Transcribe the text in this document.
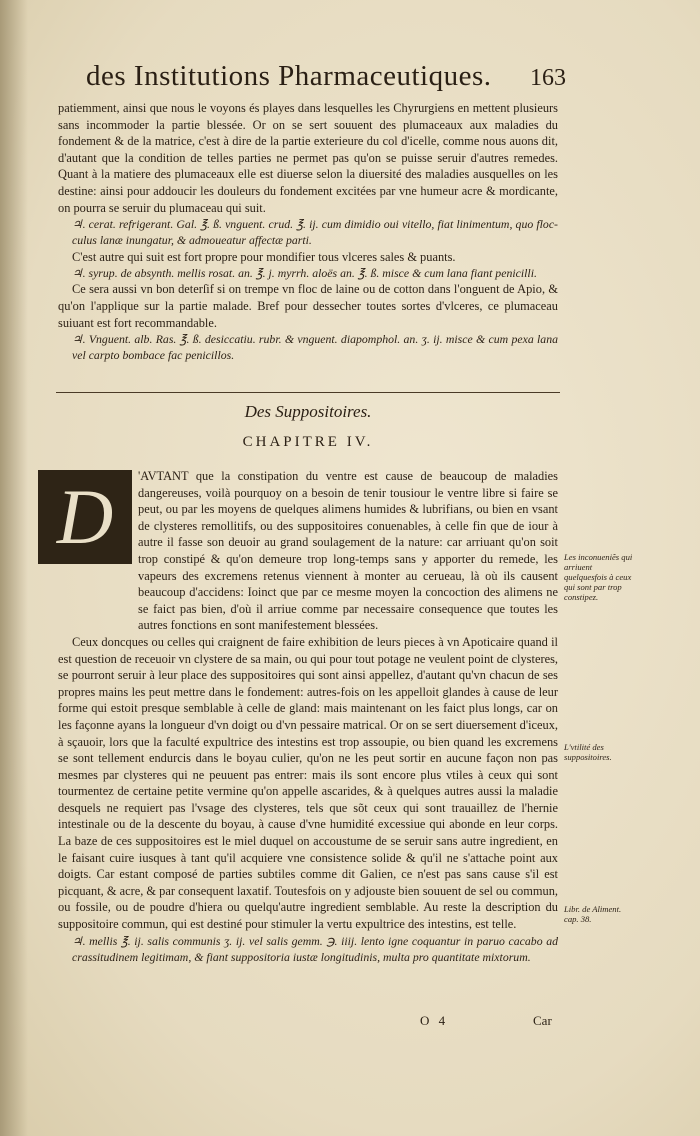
des Institutions Pharmaceutiques. 163

patiemment, ainsi que nous le voyons és playes dans lesquelles les Chyrurgiens en mettent plusieurs sans incommoder la partie blessée. Or on se sert souuent des plumaceaux aux maladies du fondement & de la matrice, c'est à dire de la partie exterieure du col d'icelle, comme nous auons dit, d'autant que la condition de telles parties ne permet pas qu'on se puisse seruir d'autres remedes. Quant à la matiere des plumaceaux elle est diuerse selon la diuersité des maladies ausquelles on les destine: ainsi pour addoucir les douleurs du fondement excitées par vne humeur acre & mordicante, on pourra se seruir du plumaceau qui suit.

♃. cerat. refrigerant. Gal. ℥. ß. vnguent. crud. ℥. ij. cum dimidio oui vitello, fiat linimentum, quo floc- culus lanæ inungatur, & admoueatur affectæ parti.

C'est autre qui suit est fort propre pour mondifier tous vlceres sales & puants.

♃. syrup. de absynth. mellis rosat. an. ℥. j. myrrh. aloës an. ℥. ß. misce & cum lana fiant penicilli.

Ce sera aussi vn bon deterſif si on trempe vn floc de laine ou de cotton dans l'onguent de Apio, & qu'on l'applique sur la partie malade. Bref pour dessecher toutes sortes d'vlceres, ce plumaceau suiuant est fort recommandable.

♃. Vnguent. alb. Ras. ℥. ß. desiccatiu. rubr. & vnguent. diapomphol. an. ʒ. ij. misce & cum pexa lana vel carpto bombace fac penicillos.

Des Suppositoires.
CHAPITRE IV.
D	'AVTANT que la constipation du ventre est cause de beaucoup de maladies dangereuses, voilà pourquoy on a besoin de tenir tousiour le ventre libre si faire se peut, ou par les moyens de quelques alimens humides & lubrifians, ou bien en vsant de clysteres remollitifs, ou des suppositoires conuenables, à celle fin que de iour à autre il fasse son deuoir au grand soulagement de la nature: car arriuant qu'on soit trop constipé & qu'on demeure trop long-temps sans y apporter du remede, les vapeurs des excremens retenus viennent à monter au cerueau, là où ils causent beaucoup d'accidens: Ioinct que par ce mesme moyen la concoction des alimens ne se faict pas bien, d'où il arriue comme par necessaire consequence que toutes les autres fonctions en sont manifestement blessées.

Ceux doncques ou celles qui craignent de faire exhibition de leurs pieces à vn Apoticaire quand il est question de receuoir vn clystere de sa main, ou qui pour tout potage ne veulent point de clysteres, se pourront seruir à leur place des suppositoires qui sont ainsi appellez, d'autant qu'vn chacun de ses propres mains les peut mettre dans le fondement: autres-fois on les appelloit glandes à cause de leur forme qui estoit presque semblable à celle de gland: mais maintenant on les faict plus longs, car on les façonne ayans la longueur d'vn doigt ou d'vn pessaire matrical. Or on se sert diuersement d'iceux, à sçauoir, lors que la faculté expultrice des intestins est trop assoupie, ou bien quand les excremens se sont tellement endurcis dans le boyau culier, qu'on ne les peut sortir en aucune façon non pas mesmes par clysteres qui ne peuuent pas entrer: mais ils sont encore plus vtiles à ceux qui sont tourmentez de certaine petite vermine qu'on appelle ascarides, & à quelques autres aussi la maladie desquels ne requiert pas l'vsage des clysteres, tels que sõt ceux qui sont trauaillez de l'hernie intestinale ou de la descente du boyau, à cause d'vne humidité excessiue qui abonde en leur corps. La baze de ces suppositoires est le miel duquel on accoustume de se seruir sans autre ingredient, en le faisant cuire iusques à tant qu'il acquiere vne consistence solide & qu'il ne s'attache point aux doigts. Car estant composé de parties subtiles comme dit Galien, ce n'est pas sans cause s'il est picquant, & acre, & par consequent laxatif. Toutesfois on y adjouste bien souuent de sel ou commun, ou fossile, ou de poudre d'hiera ou quelqu'autre ingredient semblable. Au reste la description du suppositoire commun, qui est destiné pour stimuler la vertu expultrice des intestins, est telle.

♃. mellis ℥. ij. salis communis ʒ. ij. vel salis gemm. ℈. iiij. lento igne coquantur in paruo cacabo ad crassitudinem legitimam, & fiant suppositoria iustæ longitudinis, multa pro quantitate mixtorum.

Les inconueniẽs qui arriuent quelquesfois à ceux qui sont par trop constipez.
L'vtilité des suppositoires.
Libr. de Aliment. cap. 38.
O 4	Car
